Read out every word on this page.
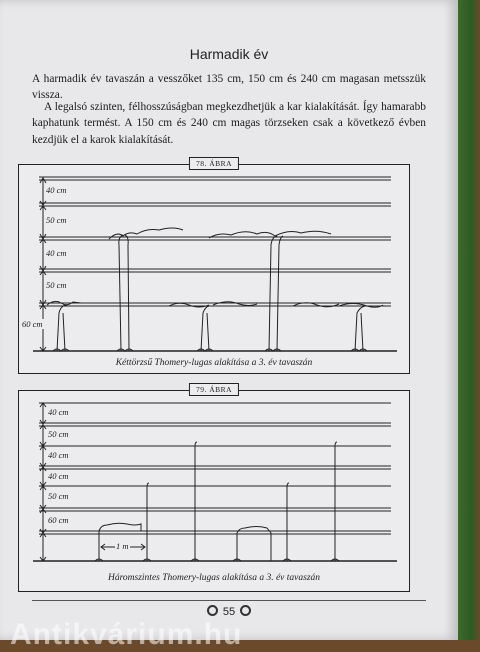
Harmadik év

A harmadik év tavaszán a vesszőket 135 cm, 150 cm és 240 cm magasan metsszük vissza.

A legalsó szinten, félhosszúságban megkezdhetjük a kar kialakítását. Így hamarabb kaphatunk termést. A 150 cm és 240 cm magas törzseken csak a következő évben kezdjük el a karok kialakítását.

78. ÁBRA
40 cm
50 cm
40 cm
50 cm
60 cm
Kéttörzsű Thomery-lugas alakítása a 3. év tavaszán
79. ÁBRA
40 cm
50 cm
40 cm
40 cm
50 cm
60 cm
1 m
Háromszintes Thomery-lugas alakítása a 3. év tavaszán
55
Antikvárium.hu
